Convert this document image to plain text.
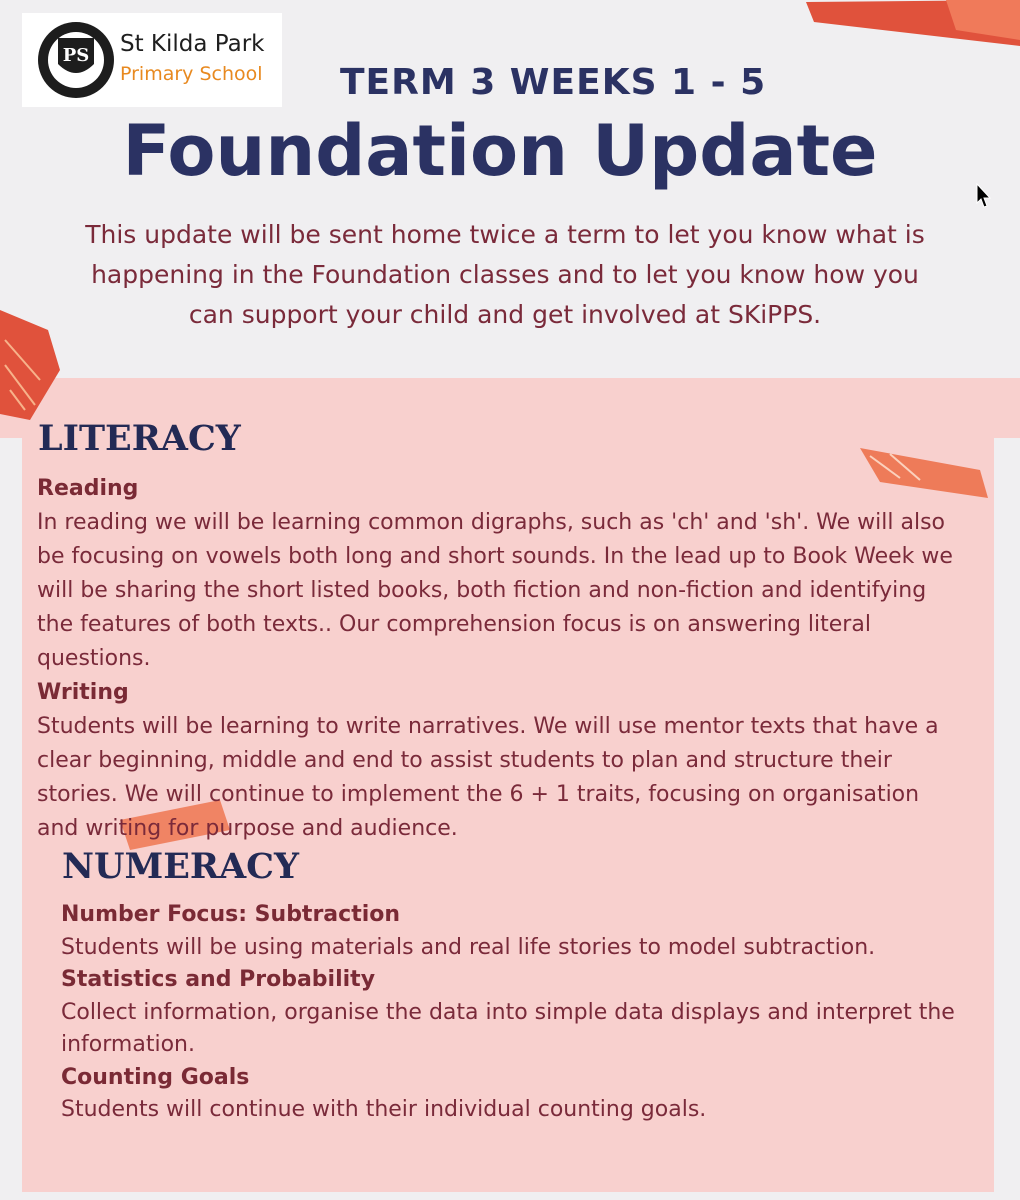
PS St Kilda Park
Primary School TERM 3 WEEKS 1 - 5
Foundation Update

This update will be sent home twice a term to let you know what is happening in the Foundation classes and to let you know how you can support your child and get involved at SKiPPS.

LITERACY

Reading

In reading we will be learning common digraphs, such as 'ch' and 'sh'. We will also be focusing on vowels both long and short sounds. In the lead up to Book Week we will be sharing the short listed books, both fiction and non-fiction and identifying the features of both texts.. Our comprehension focus is on answering literal questions.

Writing

Students will be learning to write narratives. We will use mentor texts that have a clear beginning, middle and end to assist students to plan and structure their stories. We will continue to implement the 6 + 1 traits, focusing on organisation and writing for purpose and audience.

NUMERACY

Number Focus: Subtraction

Students will be using materials and real life stories to model subtraction.

Statistics and Probability

Collect information, organise the data into simple data displays and interpret the information.

Counting Goals

Students will continue with their individual counting goals.
